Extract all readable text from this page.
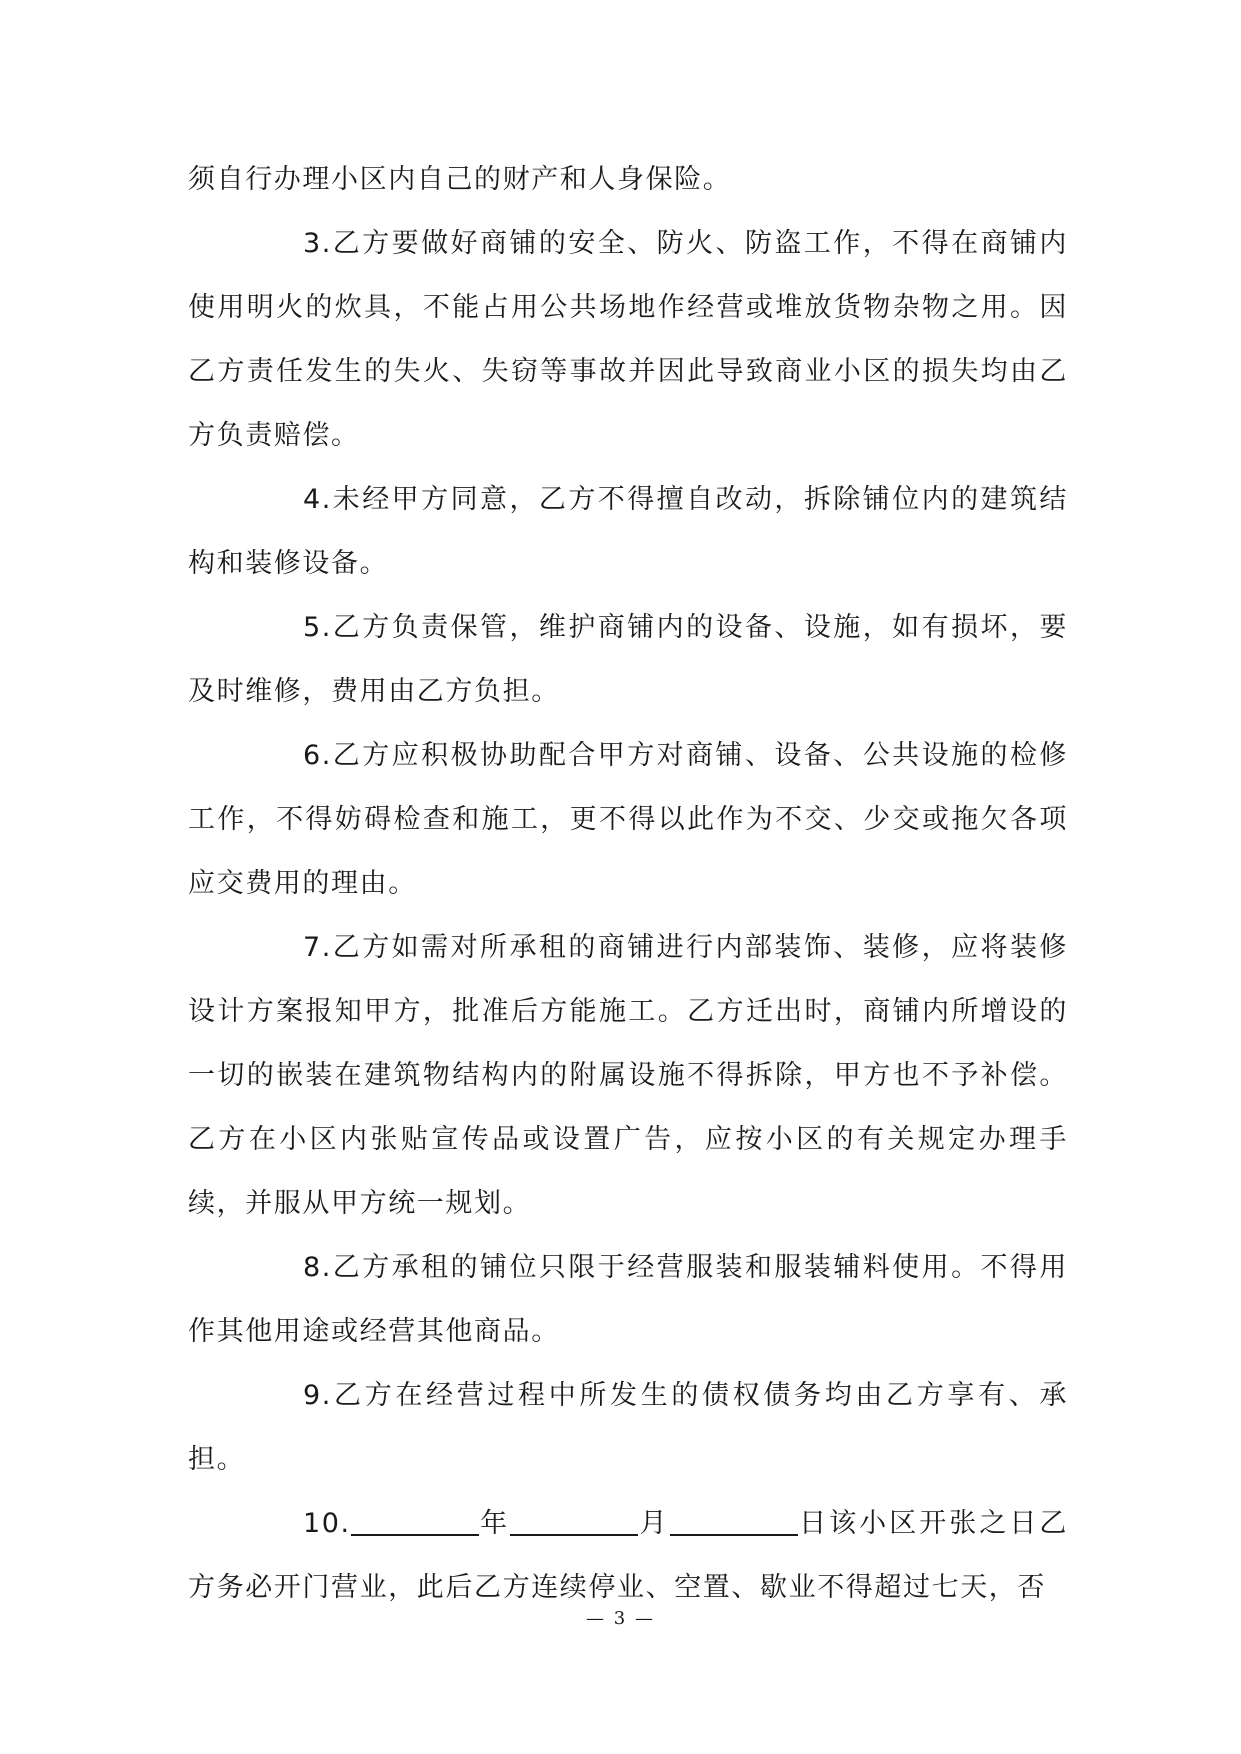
须自行办理小区内自己的财产和人身保险。

3.乙方要做好商铺的安全、防火、防盗工作，不得在商铺内使用明火的炊具，不能占用公共场地作经营或堆放货物杂物之用。因乙方责任发生的失火、失窃等事故并因此导致商业小区的损失均由乙方负责赔偿。

4.未经甲方同意，乙方不得擅自改动，拆除铺位内的建筑结构和装修设备。

5.乙方负责保管，维护商铺内的设备、设施，如有损坏，要及时维修，费用由乙方负担。

6.乙方应积极协助配合甲方对商铺、设备、公共设施的检修工作，不得妨碍检查和施工，更不得以此作为不交、少交或拖欠各项应交费用的理由。

7.乙方如需对所承租的商铺进行内部装饰、装修，应将装修设计方案报知甲方，批准后方能施工。乙方迁出时，商铺内所增设的一切的嵌装在建筑物结构内的附属设施不得拆除，甲方也不予补偿。乙方在小区内张贴宣传品或设置广告，应按小区的有关规定办理手续，并服从甲方统一规划。

8.乙方承租的铺位只限于经营服装和服装辅料使用。不得用作其他用途或经营其他商品。

9.乙方在经营过程中所发生的债权债务均由乙方享有、承担。

10.	年	月	日该小区开张之日乙方务必开门营业，此后乙方连续停业、空置、歇业不得超过七天，否

— 3 —
